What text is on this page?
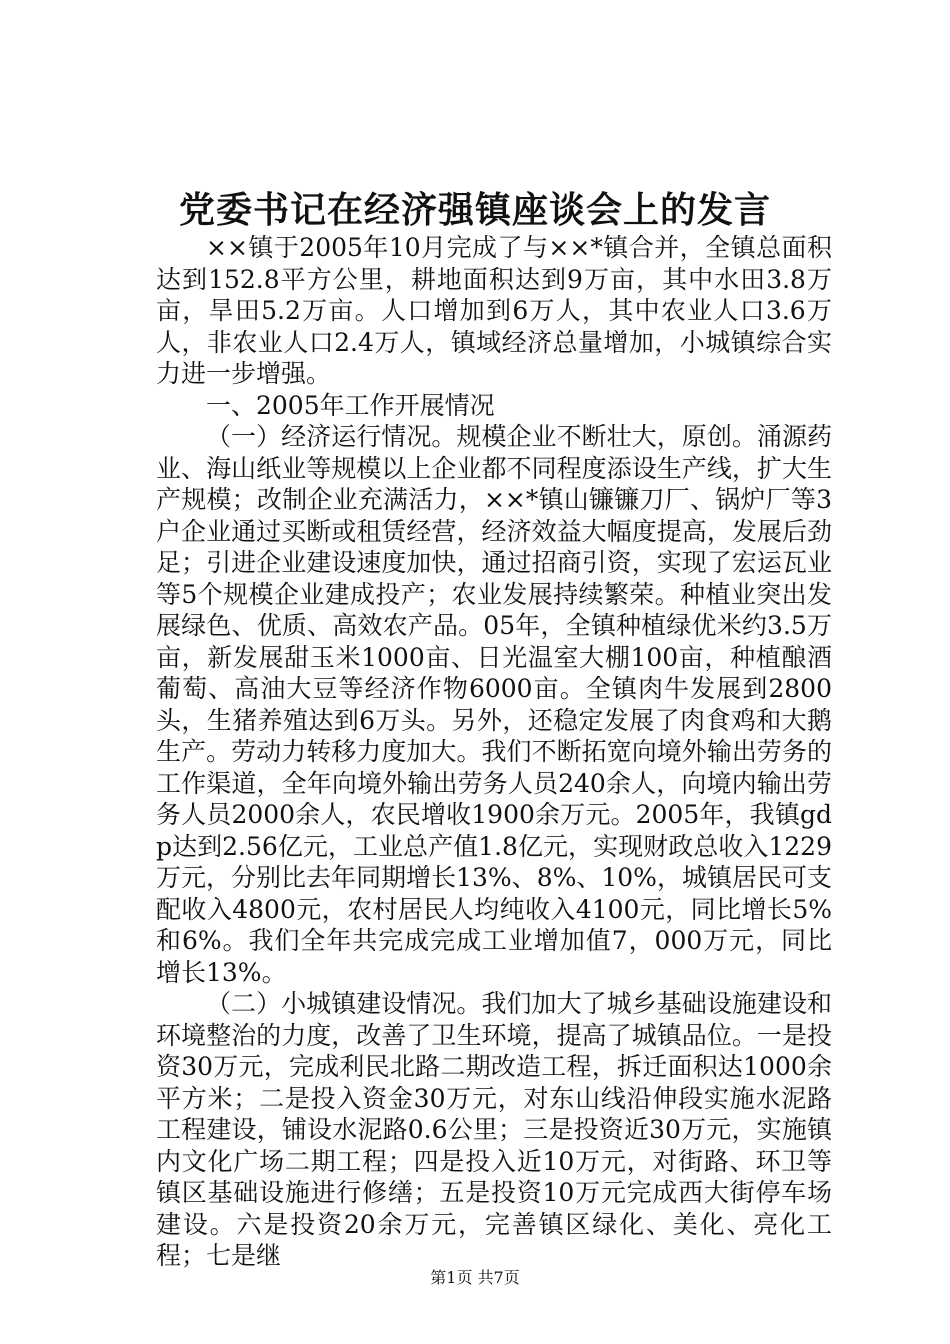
党委书记在经济强镇座谈会上的发言

××镇于2005年10月完成了与××*镇合并，全镇总面积达到152.8平方公里，耕地面积达到9万亩，其中水田3.8万亩，旱田5.2万亩。人口增加到6万人，其中农业人口3.6万人，非农业人口2.4万人，镇域经济总量增加，小城镇综合实力进一步增强。

一、2005年工作开展情况

（一）经济运行情况。规模企业不断壮大，原创。涌源药业、海山纸业等规模以上企业都不同程度添设生产线，扩大生产规模；改制企业充满活力，××*镇山镰镰刀厂、锅炉厂等3户企业通过买断或租赁经营，经济效益大幅度提高，发展后劲足；引进企业建设速度加快，通过招商引资，实现了宏运瓦业等5个规模企业建成投产；农业发展持续繁荣。种植业突出发展绿色、优质、高效农产品。05年，全镇种植绿优米约3.5万亩，新发展甜玉米1000亩、日光温室大棚100亩，种植酿酒葡萄、高油大豆等经济作物6000亩。全镇肉牛发展到2800头，生猪养殖达到6万头。另外，还稳定发展了肉食鸡和大鹅生产。劳动力转移力度加大。我们不断拓宽向境外输出劳务的工作渠道，全年向境外输出劳务人员240余人，向境内输出劳务人员2000余人，农民增收1900余万元。2005年，我镇gdp达到2.56亿元，工业总产值1.8亿元，实现财政总收入1229万元，分别比去年同期增长13%、8%、10%，城镇居民可支配收入4800元，农村居民人均纯收入4100元，同比增长5%和6%。我们全年共完成完成工业增加值7，000万元，同比增长13%。

（二）小城镇建设情况。我们加大了城乡基础设施建设和环境整治的力度，改善了卫生环境，提高了城镇品位。一是投资30万元，完成利民北路二期改造工程，拆迁面积达1000余平方米；二是投入资金30万元，对东山线沿伸段实施水泥路工程建设，铺设水泥路0.6公里；三是投资近30万元，实施镇内文化广场二期工程；四是投入近10万元，对街路、环卫等镇区基础设施进行修缮；五是投资10万元完成西大街停车场建设。六是投资20余万元，完善镇区绿化、美化、亮化工程；七是继

第1页 共7页
